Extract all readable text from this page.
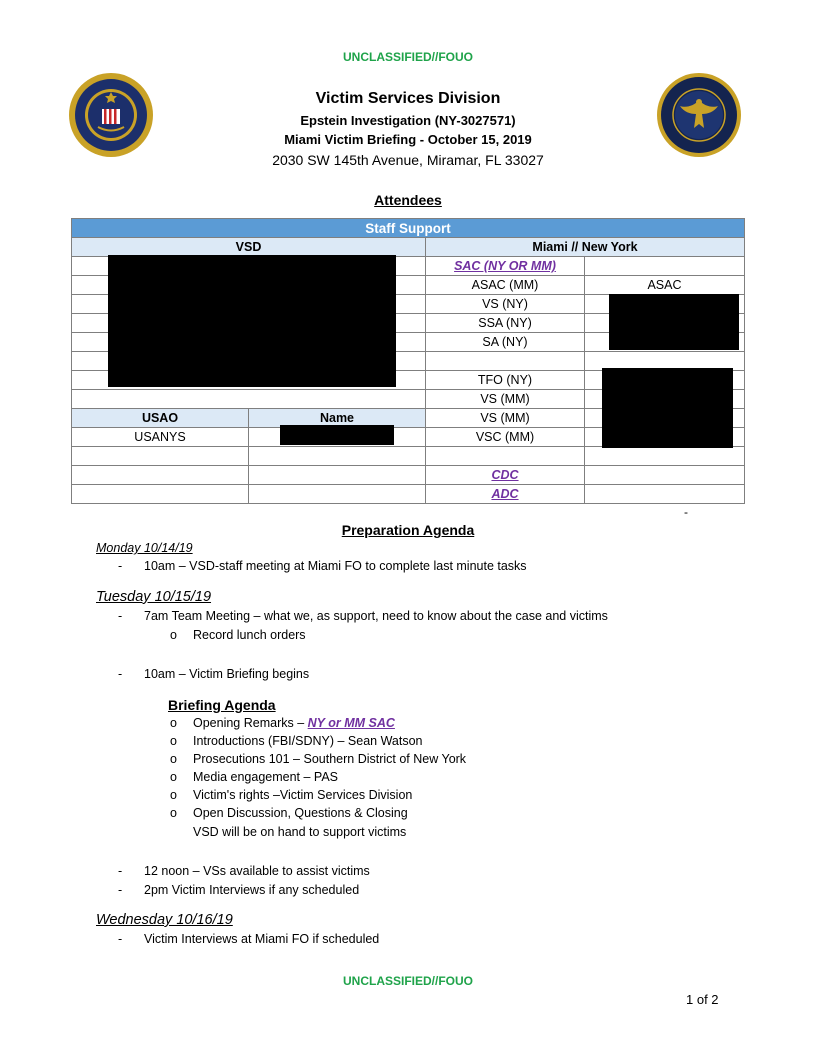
UNCLASSIFIED//FOUO
Victim Services Division
Epstein Investigation (NY-3027571)
Miami Victim Briefing - October 15, 2019
2030 SW 145th Avenue, Miramar, FL 33027
Attendees
Staff Support			
VSD		Miami // New York	
		SAC (NY OR MM)	
		ASAC (MM)	ASAC
		VS (NY)	
		SSA (NY)	
		SA (NY)	

		TFO (NY)	
		VS (MM)	
USAO	Name	VS (MM)	
USANYS		VSC (MM)	

		CDC	
		ADC	
-
Preparation Agenda
Monday 10/14/19
- 10am – VSD-staff meeting at Miami FO to complete last minute tasks
Tuesday 10/15/19
- 7am Team Meeting – what we, as support, need to know about the case and victims
o Record lunch orders
- 10am – Victim Briefing begins
Briefing Agenda
o Opening Remarks – NY or MM SAC
o Introductions (FBI/SDNY) – Sean Watson
o Prosecutions 101 – Southern District of New York
o Media engagement – PAS
o Victim's rights –Victim Services Division
o Open Discussion, Questions & Closing
VSD will be on hand to support victims
- 12 noon – VSs available to assist victims
- 2pm Victim Interviews if any scheduled
Wednesday 10/16/19
- Victim Interviews at Miami FO if scheduled
UNCLASSIFIED//FOUO
1 of 2
